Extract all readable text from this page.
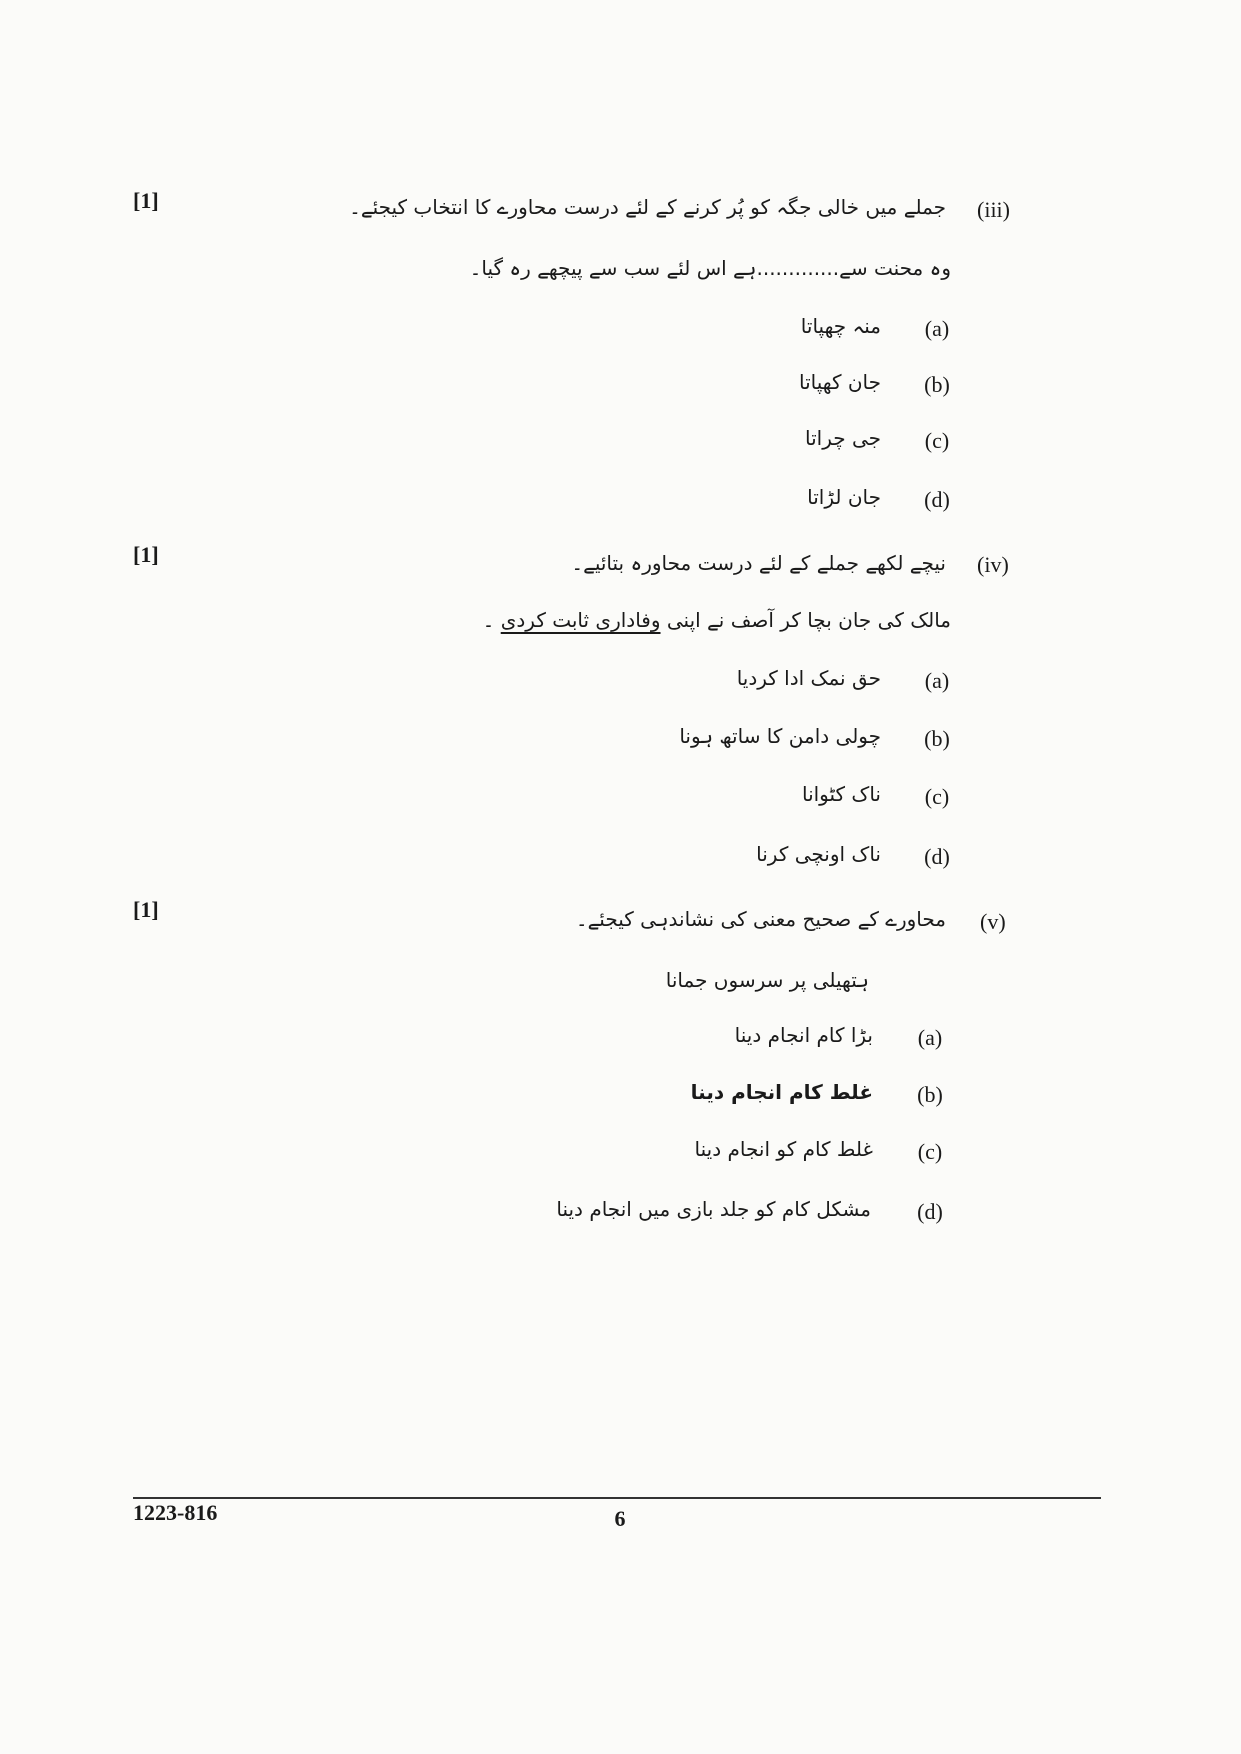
[1]	(iii)
جملے میں خالی جگہ کو پُر کرنے کے لئے درست محاورے کا انتخاب کیجئے۔
وہ محنت سے.............ہے اس لئے سب سے پیچھے رہ گیا۔
(a)
منہ چھپاتا
(b)
جان کھپاتا
(c)
جی چراتا
(d)
جان لڑاتا
[1]	(iv)
نیچے لکھے جملے کے لئے درست محاورہ بتائیے۔
مالک کی جان بچا کر آصف نے اپنی وفاداری ثابت کردی ۔
(a)
حق نمک ادا کردیا
(b)
چولی دامن کا ساتھ ہونا
(c)
ناک کٹوانا
(d)
ناک اونچی کرنا
[1]	(v)
محاورے کے صحیح معنی کی نشاندہی کیجئے۔
ہتھیلی پر سرسوں جمانا
(a)
بڑا کام انجام دینا
(b)
غلط کام انجام دینا
(c)
غلط کام کو انجام دینا
(d)
مشکل کام کو جلد بازی میں انجام دینا
1223-816	6
